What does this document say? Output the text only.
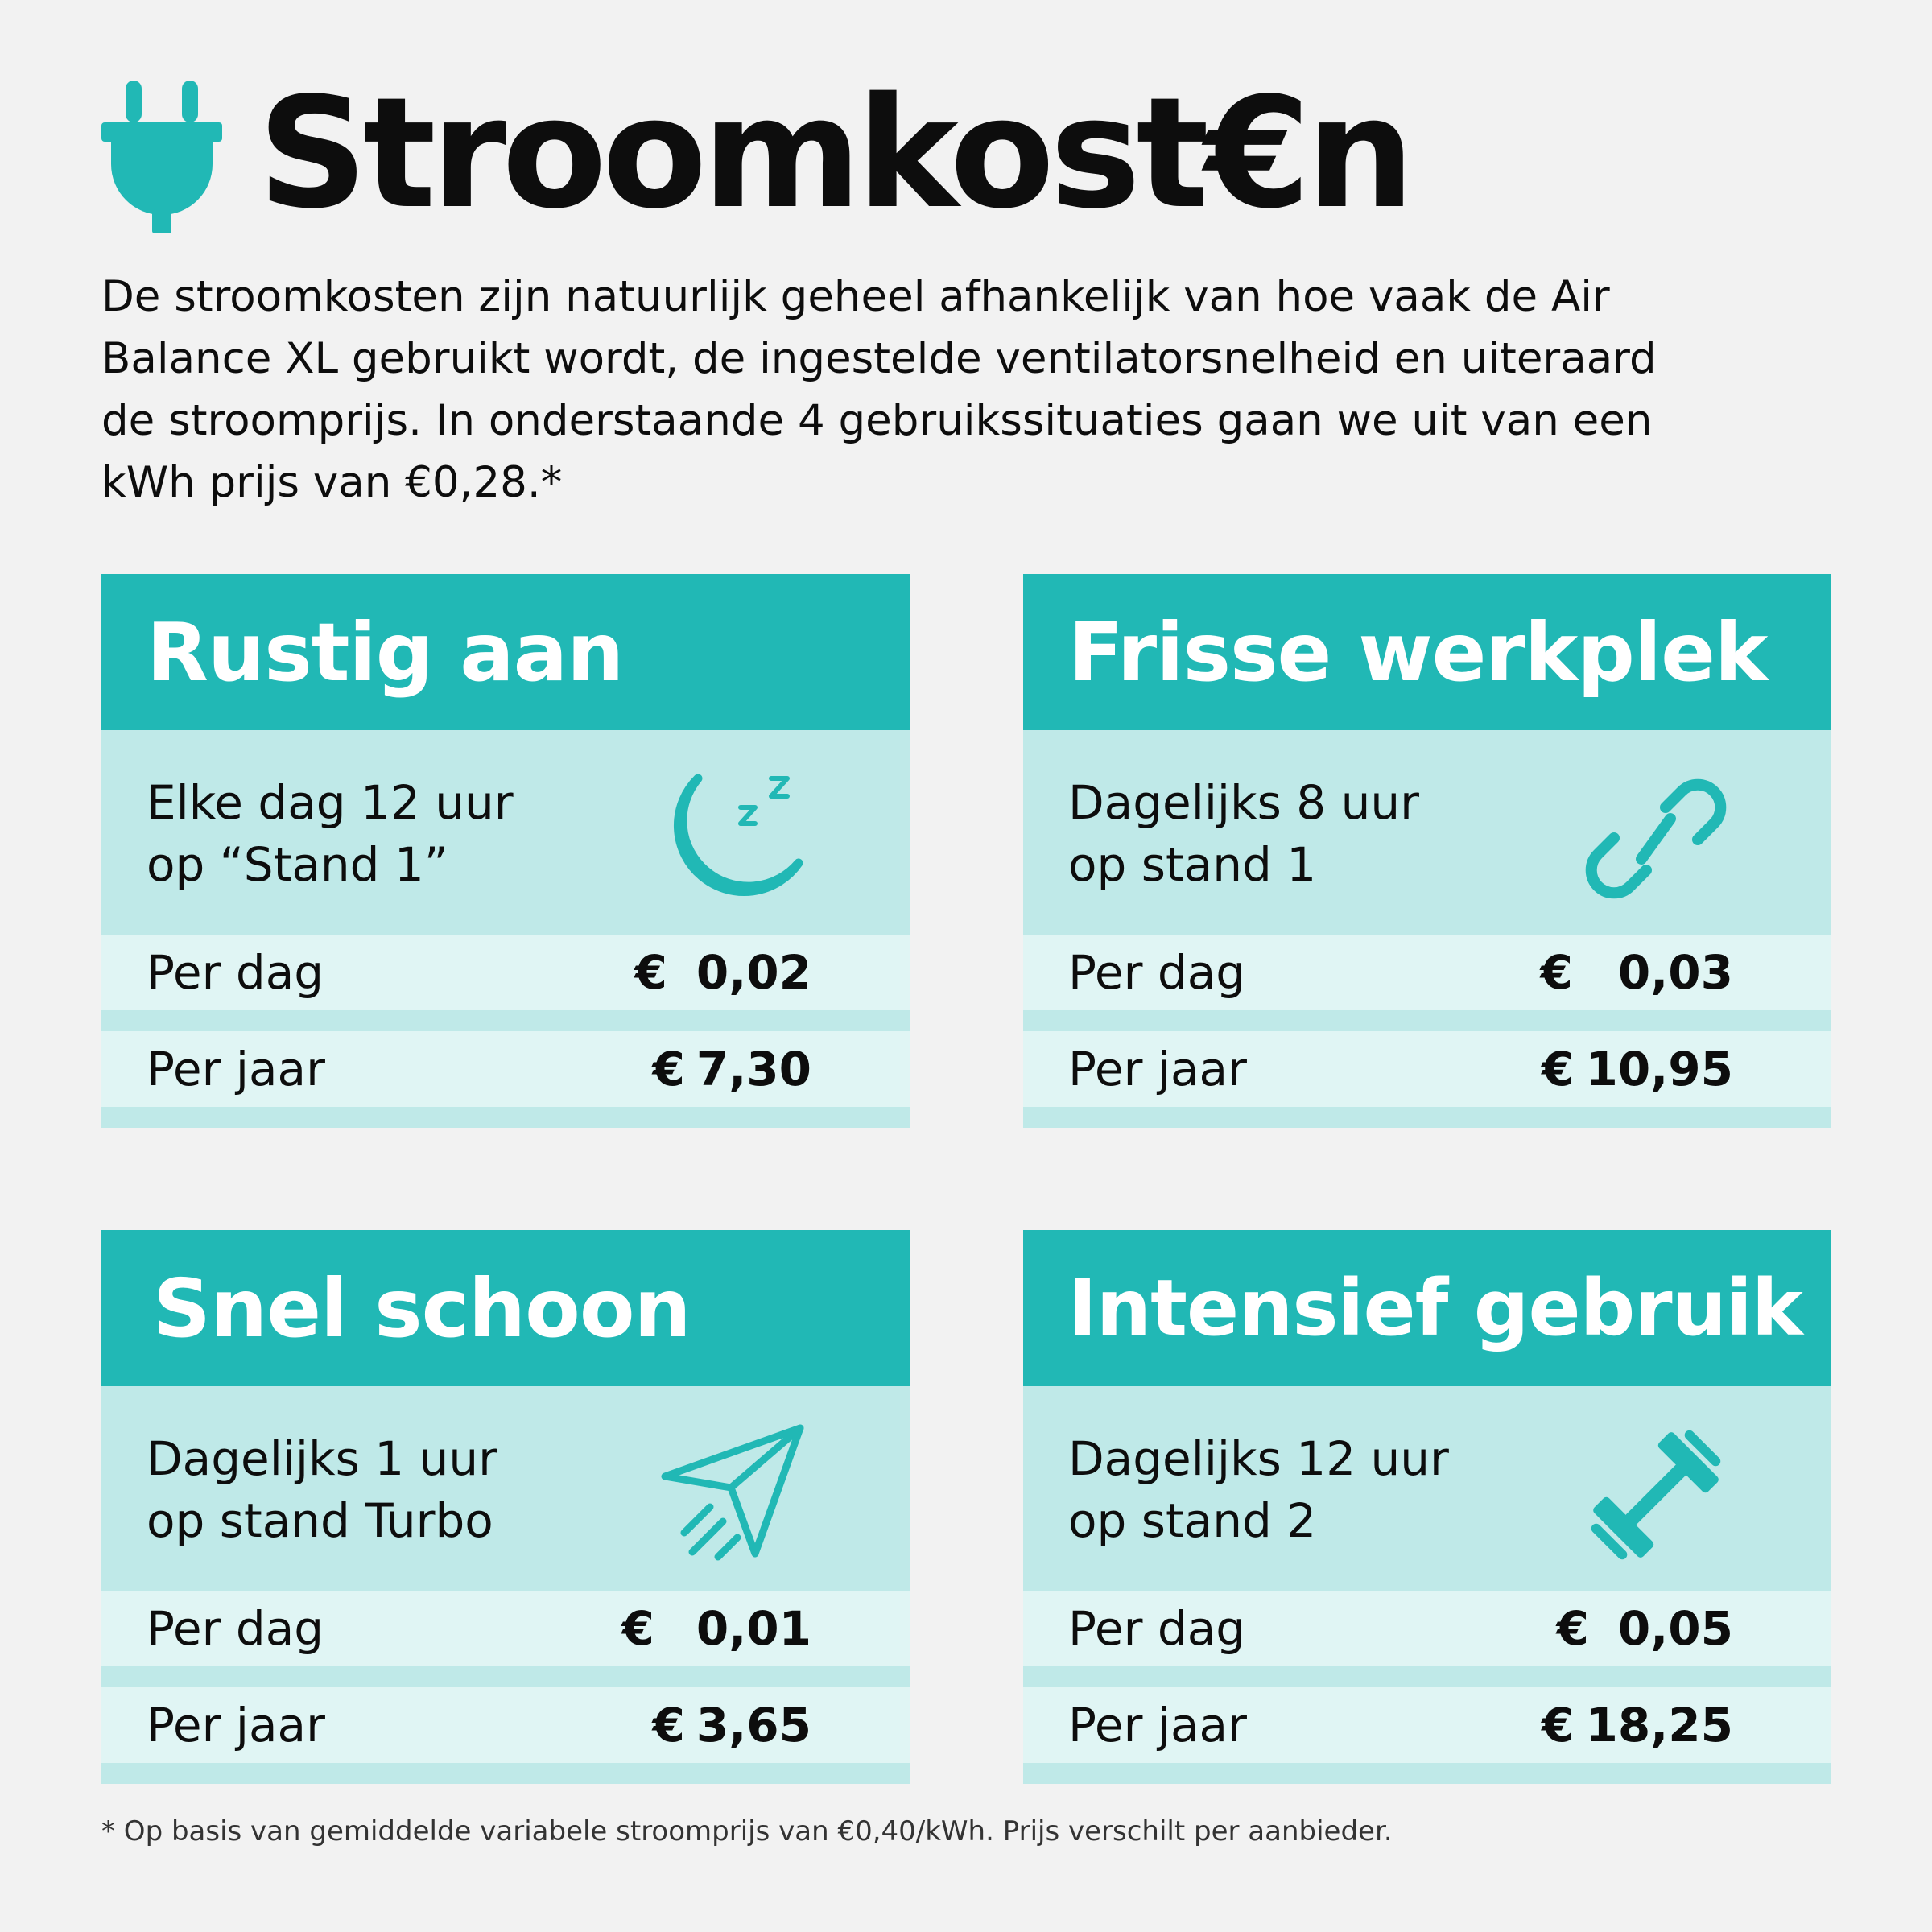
Stroomkost€n

De stroomkosten zijn natuurlijk geheel afhankelijk van hoe vaak de Air Balance XL gebruikt wordt, de ingestelde ventilatorsnelheid en uiteraard de stroomprijs. In onderstaande 4 gebruikssituaties gaan we uit van een kWh prijs van €0,28.*

Rustig aan
Elke dag 12 uur
op “Stand 1”
Per dag	€ 0,02
Per jaar	€ 7,30
Frisse werkplek
Dagelijks 8 uur
op stand 1
Per dag	€ 0,03
Per jaar	€ 10,95
Snel schoon
Dagelijks 1 uur
op stand Turbo
Per dag	€ 0,01
Per jaar	€ 3,65
Intensief gebruik
Dagelijks 12 uur
op stand 2
Per dag	€ 0,05
Per jaar	€ 18,25

* Op basis van gemiddelde variabele stroomprijs van €0,40/kWh. Prijs verschilt per aanbieder.
